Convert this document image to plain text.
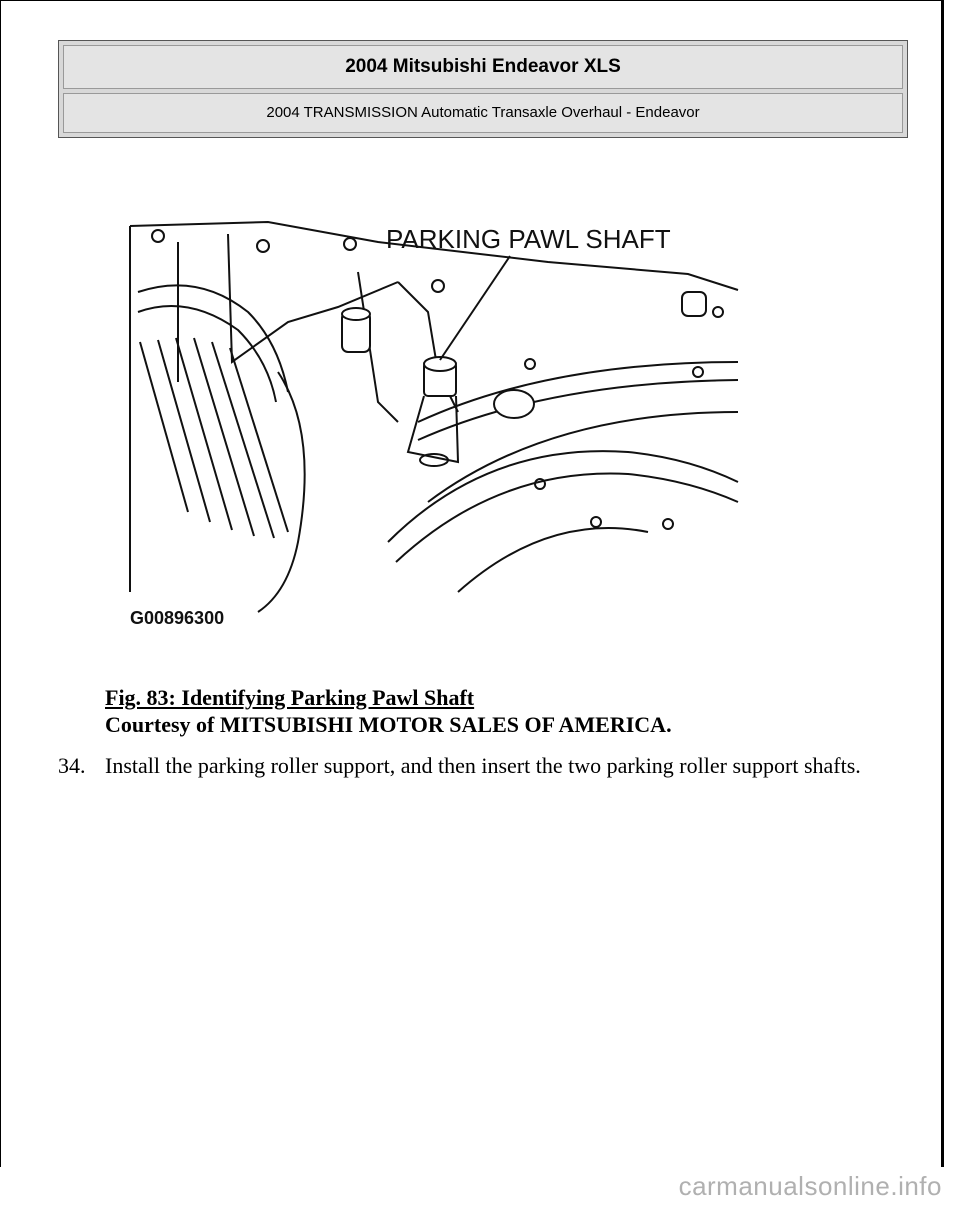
2004 Mitsubishi Endeavor XLS
2004 TRANSMISSION Automatic Transaxle Overhaul - Endeavor
PARKING PAWL SHAFT
G00896300
Fig. 83: Identifying Parking Pawl Shaft
Courtesy of MITSUBISHI MOTOR SALES OF AMERICA.
34. Install the parking roller support, and then insert the two parking roller support shafts.
carmanualsonline.info
